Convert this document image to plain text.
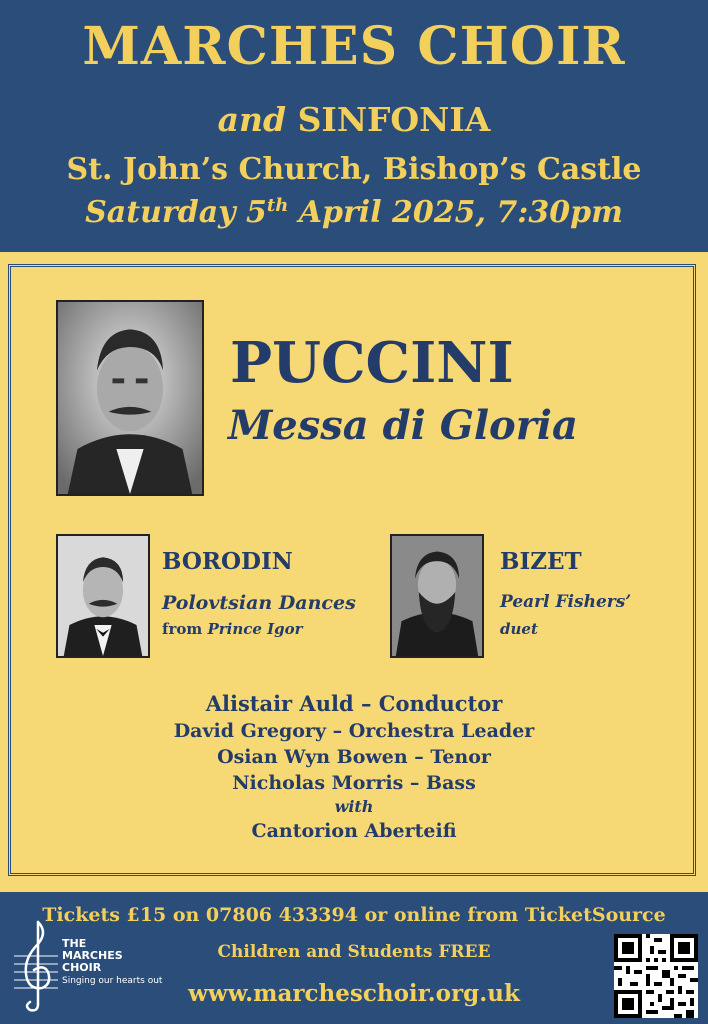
MARCHES CHOIR
and SINFONIA
St. John’s Church, Bishop’s Castle
Saturday 5th April 2025, 7:30pm
PUCCINI
Messa di Gloria
BORODIN
Polovtsian Dances
from Prince Igor
BIZET
Pearl Fishers’
duet
Alistair Auld – Conductor
David Gregory – Orchestra Leader
Osian Wyn Bowen – Tenor
Nicholas Morris – Bass
with
Cantorion Aberteifi
Tickets £15 on 07806 433394 or online from TicketSource
Children and Students FREE
www.marcheschoir.org.uk
THE
MARCHES
CHOIR
Singing our hearts out
